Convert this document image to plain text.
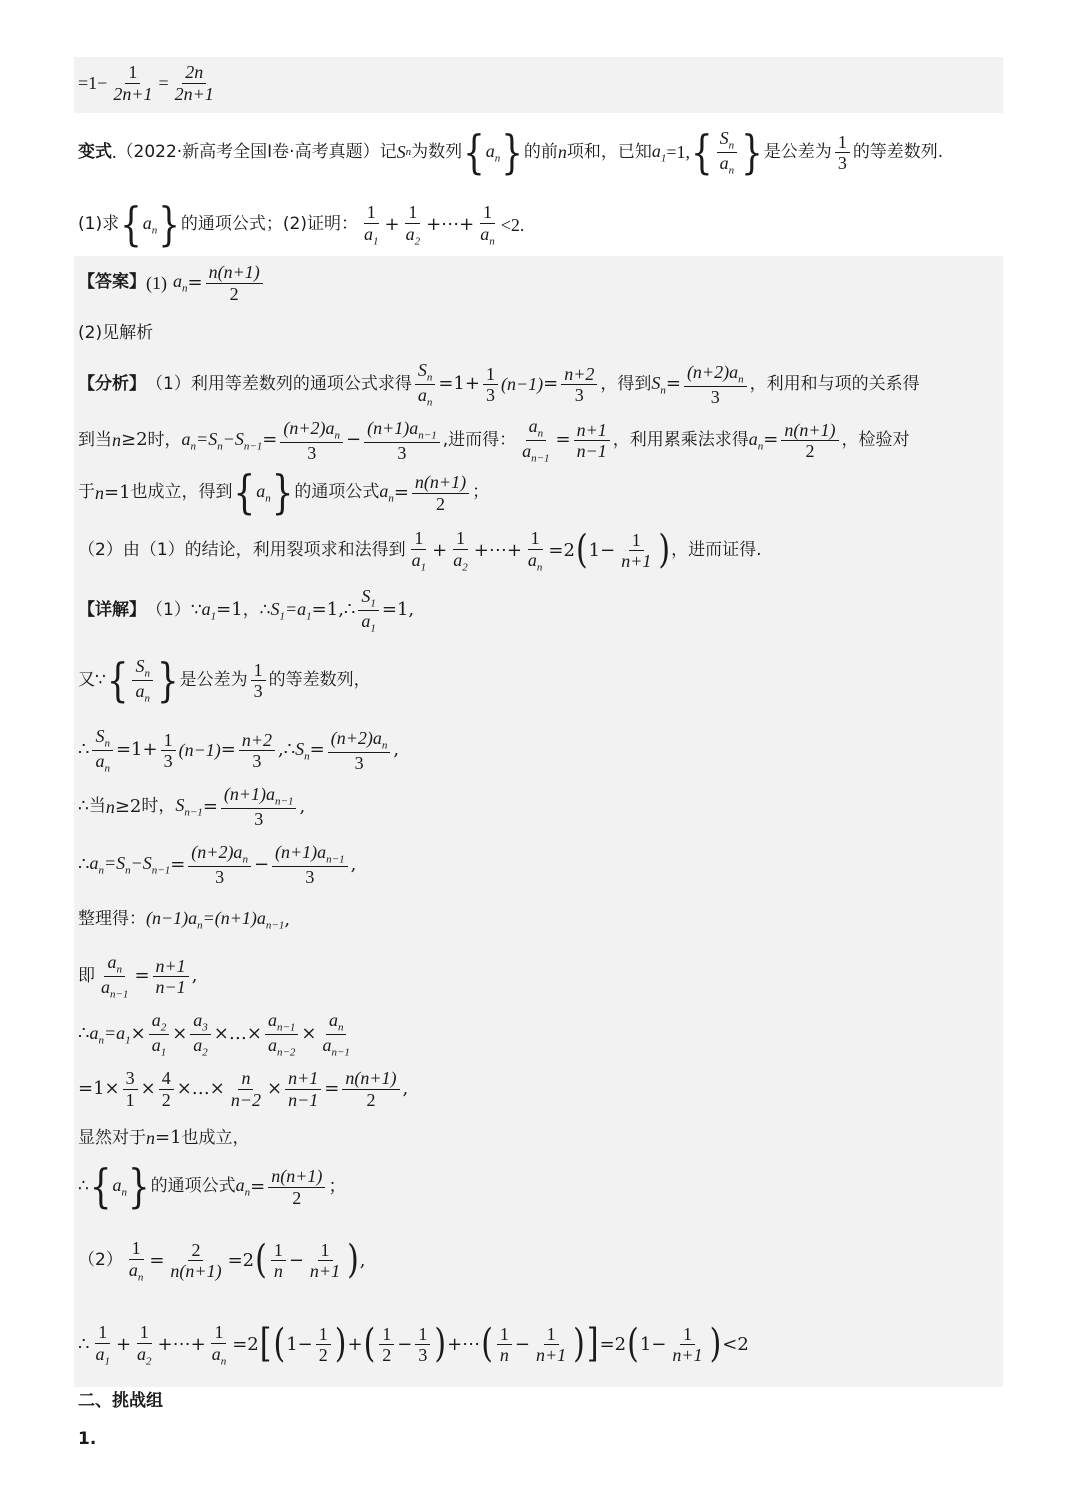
$=1- \frac{1}{2n+1} = \frac{2n}{2n+1}$
变式 . （2022·新高考全国Ⅰ卷·高考真题） 记 S n 为数列 { $a_n$ } 的前 n 项和，已知 $a_1 =1$, { $\frac{S_n}{a_n}$ } 是公差为 $\frac{1}{3}$ 的等差数列.
(1)求 { $a_n$ } 的通项公式；(2)证明： $\frac{1}{a_1} + \frac{1}{a_2}$ +⋯+ $\frac{1}{a_n} <2$.
【答案】 (1) $a_n = \frac{n(n+1)}{2}$
(2)见解析
【分析】 （1）利用等差数列的通项公式求得 $\frac{S_n}{a_n} =1+ \frac{1}{3} (n-1) = \frac{n+2}{3}$ ，得到 $S_n = \frac{(n+2)a_n}{3}$ ，利用和与项的关系得
到当 n ≥2 时， $a_n=S_n-S_{n-1} = \frac{(n+2)a_n}{3} - \frac{(n+1)a_{n-1}}{3}$ ,进而得： $\frac{a_n}{a_{n-1}} = \frac{n+1}{n-1}$ ，利用累乘法求得 $a_n = \frac{n(n+1)}{2}$ ，检验对
于 n =1 也成立，得到 { $a_n$ } 的通项公式 $a_n = \frac{n(n+1)}{2}$ ；
（2）由（1）的结论，利用裂项求和法得到 $\frac{1}{a_1} + \frac{1}{a_2}$ +⋯+ $\frac{1}{a_n} =2$ ( $1- \frac{1}{n+1}$ ) ，进而证得.
【详解】 （1）∵ $a_1 =1$ ，∴ $S_1=a_1$ =1,∴ $\frac{S_1}{a_1} =1$,
又∵ { $\frac{S_n}{a_n}$ } 是公差为 $\frac{1}{3}$ 的等差数列，
∴ $\frac{S_n}{a_n} =1+ \frac{1}{3} (n-1) = \frac{n+2}{3}$ ,∴ $S_n = \frac{(n+2)a_n}{3}$ ,
∴当 n ≥2 时， $S_{n-1} = \frac{(n+1)a_{n-1}}{3}$ ,
∴ $a_n=S_n-S_{n-1} = \frac{(n+2)a_n}{3} - \frac{(n+1)a_{n-1}}{3}$ ,
整理得： $(n-1)a_n=(n+1)a_{n-1}$ ,
即 $\frac{a_n}{a_{n-1}} = \frac{n+1}{n-1}$ ,
∴ $a_n=a_1 \times \frac{a_2}{a_1} \times \frac{a_3}{a_2}$ ×…× $\frac{a_{n-1}}{a_{n-2}} \times \frac{a_n}{a_{n-1}}$
$=1\times \frac{3}{1} \times \frac{4}{2}$ ×…× $\frac{n}{n-2} \times \frac{n+1}{n-1} = \frac{n(n+1)}{2}$ ,
显然对于 n =1 也成立，
∴ { $a_n$ } 的通项公式 $a_n = \frac{n(n+1)}{2}$ ；
$(2) \frac{1}{a_n} = \frac{2}{n(n+1)} =2$ ( $\frac{1}{n} - \frac{1}{n+1}$ ) ,
∴ $\frac{1}{a_1} + \frac{1}{a_2}$ +⋯+ $\frac{1}{a_n} =2$ [ ( $1- \frac{1}{2}$ ) + ( $\frac{1}{2} - \frac{1}{3}$ ) +⋯ ( $\frac{1}{n} - \frac{1}{n+1}$ ) ] =2 ( $1- \frac{1}{n+1}$ ) <2
二、挑战组
1.
